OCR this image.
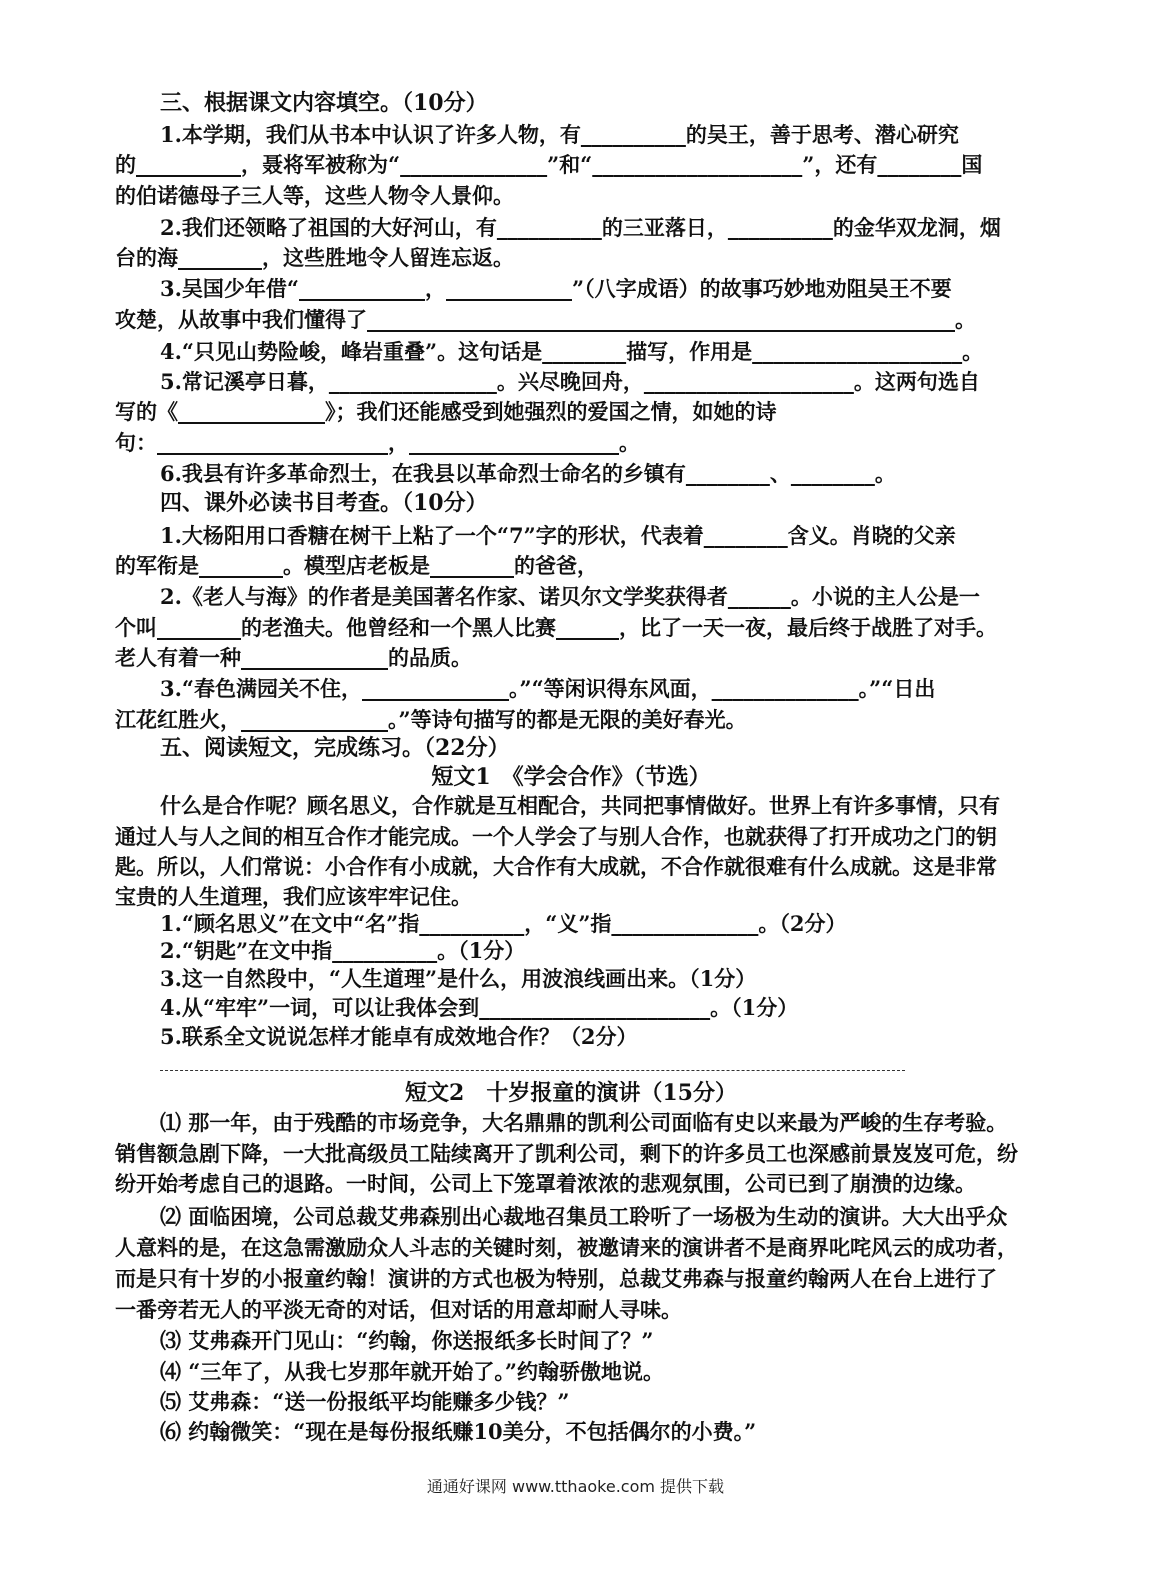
三、根据课文内容填空。（10分）
1.本学期，我们从书本中认识了许多人物，有__________的吴王，善于思考、潜心研究
的__________，聂将军被称为“______________”和“____________________”，还有________国
的伯诺德母子三人等，这些人物令人景仰。
2.我们还领略了祖国的大好河山，有__________的三亚落日，__________的金华双龙洞，烟
台的海________，这些胜地令人留连忘返。
3.吴国少年借“____________，____________”（八字成语）的故事巧妙地劝阻吴王不要
攻楚，从故事中我们懂得了________________________________________________________。
4.“只见山势险峻，峰岩重叠”。这句话是________描写，作用是____________________。
5.常记溪亭日暮，________________。兴尽晚回舟，____________________。这两句选自
写的《______________》；我们还能感受到她强烈的爱国之情，如她的诗
句：______________________，____________________。
6.我县有许多革命烈士，在我县以革命烈士命名的乡镇有________、________。
四、课外必读书目考查。（10分）
1.大杨阳用口香糖在树干上粘了一个“7”字的形状，代表着________含义。肖晓的父亲
的军衔是________。模型店老板是________的爸爸，
2.《老人与海》的作者是美国著名作家、诺贝尔文学奖获得者______。小说的主人公是一
个叫________的老渔夫。他曾经和一个黑人比赛______，比了一天一夜，最后终于战胜了对手。
老人有着一种______________的品质。
3.“春色满园关不住，______________。”“等闲识得东风面，______________。”“日出
江花红胜火，______________。”等诗句描写的都是无限的美好春光。
五、阅读短文，完成练习。（22分）
短文1　《学会合作》（节选）
什么是合作呢？顾名思义，合作就是互相配合，共同把事情做好。世界上有许多事情，只有
通过人与人之间的相互合作才能完成。一个人学会了与别人合作，也就获得了打开成功之门的钥
匙。所以，人们常说：小合作有小成就，大合作有大成就，不合作就很难有什么成就。这是非常
宝贵的人生道理，我们应该牢牢记住。
1.“顾名思义”在文中“名”指__________，“义”指______________。（2分）
2.“钥匙”在文中指__________。（1分）
3.这一自然段中，“人生道理”是什么，用波浪线画出来。（1分）
4.从“牢牢”一词，可以让我体会到______________________。（1分）
5.联系全文说说怎样才能卓有成效地合作？（2分）
短文2　十岁报童的演讲（15分）
⑴ 那一年，由于残酷的市场竞争，大名鼎鼎的凯利公司面临有史以来最为严峻的生存考验。
销售额急剧下降，一大批高级员工陆续离开了凯利公司，剩下的许多员工也深感前景岌岌可危，纷
纷开始考虑自己的退路。一时间，公司上下笼罩着浓浓的悲观氛围，公司已到了崩溃的边缘。
⑵ 面临困境，公司总裁艾弗森别出心裁地召集员工聆听了一场极为生动的演讲。大大出乎众
人意料的是，在这急需激励众人斗志的关键时刻，被邀请来的演讲者不是商界叱咤风云的成功者，
而是只有十岁的小报童约翰！演讲的方式也极为特别，总裁艾弗森与报童约翰两人在台上进行了
一番旁若无人的平淡无奇的对话，但对话的用意却耐人寻味。
⑶ 艾弗森开门见山：“约翰，你送报纸多长时间了？”
⑷ “三年了，从我七岁那年就开始了。”约翰骄傲地说。
⑸ 艾弗森：“送一份报纸平均能赚多少钱？”
⑹ 约翰微笑：“现在是每份报纸赚10美分，不包括偶尔的小费。”
通通好课网 www.tthaoke.com 提供下载
